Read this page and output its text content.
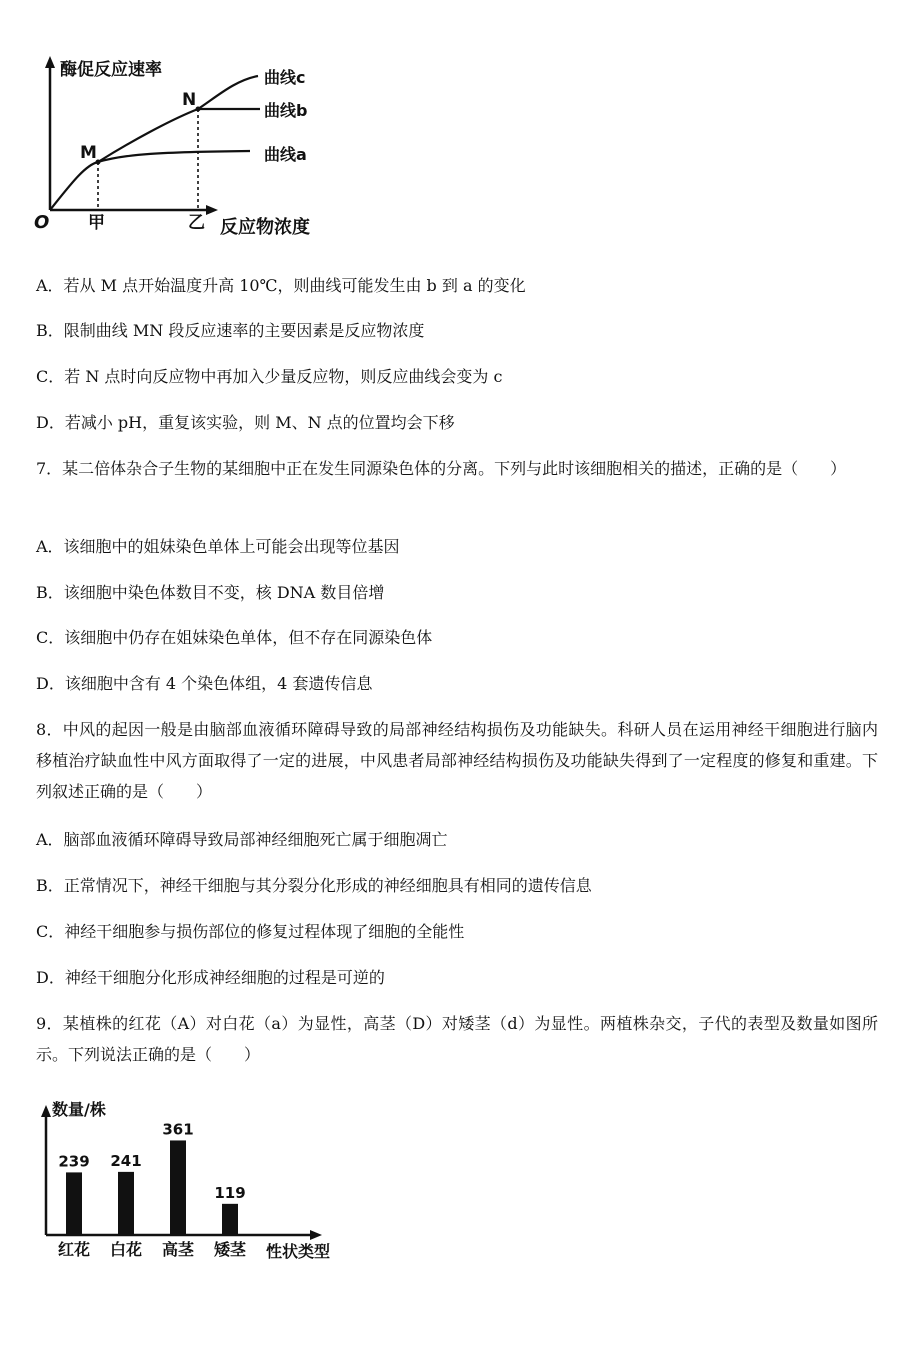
酶促反应速率
O 甲	乙 反应物浓度
M
N
曲线c
曲线b
曲线a
A．若从 M 点开始温度升高 10℃，则曲线可能发生由 b 到 a 的变化
B．限制曲线 MN 段反应速率的主要因素是反应物浓度
C．若 N 点时向反应物中再加入少量反应物，则反应曲线会变为 c
D．若减小 pH，重复该实验，则 M、N 点的位置均会下移
7．某二倍体杂合子生物的某细胞中正在发生同源染色体的分离。下列与此时该细胞相关的描述，正确的是（　　）
A．该细胞中的姐妹染色单体上可能会出现等位基因
B．该细胞中染色体数目不变，核 DNA 数目倍增
C．该细胞中仍存在姐妹染色单体，但不存在同源染色体
D．该细胞中含有 4 个染色体组，4 套遗传信息
8．中风的起因一般是由脑部血液循环障碍导致的局部神经结构损伤及功能缺失。科研人员在运用神经干细胞进行脑内移植治疗缺血性中风方面取得了一定的进展，中风患者局部神经结构损伤及功能缺失得到了一定程度的修复和重建。下列叙述正确的是（　　）
A．脑部血液循环障碍导致局部神经细胞死亡属于细胞凋亡
B．正常情况下，神经干细胞与其分裂分化形成的神经细胞具有相同的遗传信息
C．神经干细胞参与损伤部位的修复过程体现了细胞的全能性
D．神经干细胞分化形成神经细胞的过程是可逆的
9．某植株的红花（A）对白花（a）为显性，高茎（D）对矮茎（d）为显性。两植株杂交，子代的表型及数量如图所示。下列说法正确的是（　　）
数量/株
性状类型
239
红花
241
白花
361
高茎
119
矮茎
